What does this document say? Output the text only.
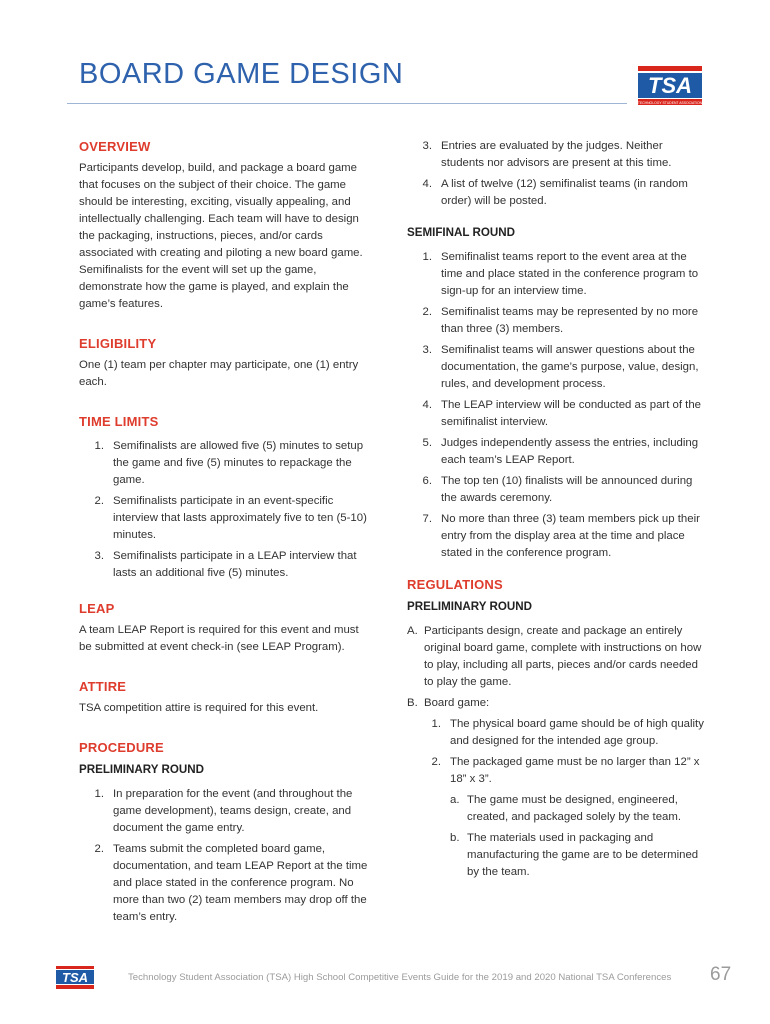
BOARD GAME DESIGN	TSA
TECHNOLOGY STUDENT ASSOCIATION
OVERVIEW

Participants develop, build, and package a board game that focuses on the subject of their choice. The game should be interesting, exciting, visually appealing, and intellectually challenging. Each team will have to design the packaging, instructions, pieces, and/or cards associated with creating and piloting a new board game. Semifinalists for the event will set up the game, demonstrate how the game is played, and explain the game’s features.

ELIGIBILITY

One (1) team per chapter may participate, one (1) entry each.

TIME LIMITS
1. Semifinalists are allowed five (5) minutes to setup the game and five (5) minutes to repackage the game.
2. Semifinalists participate in an event-specific interview that lasts approximately five to ten (5-10) minutes.
3. Semifinalists participate in a LEAP interview that lasts an additional five (5) minutes.
LEAP

A team LEAP Report is required for this event and must be submitted at event check-in (see LEAP Program).

ATTIRE

TSA competition attire is required for this event.

PROCEDURE
PRELIMINARY ROUND
1. In preparation for the event (and throughout the game development), teams design, create, and document the game entry.
2. Teams submit the completed board game, documentation, and team LEAP Report at the time and place stated in the conference program. No more than two (2) team members may drop off the team’s entry.
3. Entries are evaluated by the judges. Neither students nor advisors are present at this time.
4. A list of twelve (12) semifinalist teams (in random order) will be posted.
SEMIFINAL ROUND
1. Semifinalist teams report to the event area at the time and place stated in the conference program to sign-up for an interview time.
2. Semifinalist teams may be represented by no more than three (3) members.
3. Semifinalist teams will answer questions about the documentation, the game’s purpose, value, design, rules, and development process.
4. The LEAP interview will be conducted as part of the semifinalist interview.
5. Judges independently assess the entries, including each team’s LEAP Report.
6. The top ten (10) finalists will be announced during the awards ceremony.
7. No more than three (3) team members pick up their entry from the display area at the time and place stated in the conference program.
REGULATIONS
PRELIMINARY ROUND
A. Participants design, create and package an entirely original board game, complete with instructions on how to play, including all parts, pieces and/or cards needed to play the game.
B. Board game:
1. The physical board game should be of high quality and designed for the intended age group.
2. The packaged game must be no larger than 12” x 18” x 3”.
a. The game must be designed, engineered, created, and packaged solely by the team.
b. The materials used in packaging and manufacturing the game are to be determined by the team.
TSA	Technology Student Association (TSA) High School Competitive Events Guide for the 2019 and 2020 National TSA Conferences 67
